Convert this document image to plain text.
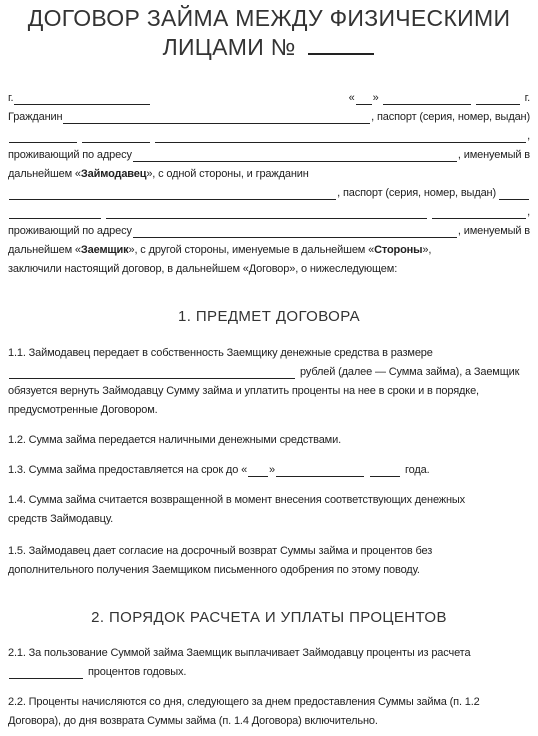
ДОГОВОР ЗАЙМА МЕЖДУ ФИЗИЧЕСКИМИ
ЛИЦАМИ №
г.	« »	г.
Гражданин	, паспорт (серия, номер, выдан)
,
проживающий по адресу	, именуемый в
дальнейшем «Займодавец», с одной стороны, и гражданин
, паспорт (серия, номер, выдан)
,
проживающий по адресу	, именуемый в
дальнейшем «Заемщик», с другой стороны, именуемые в дальнейшем «Стороны»,
заключили настоящий договор, в дальнейшем «Договор», о нижеследующем:
1. ПРЕДМЕТ ДОГОВОРА
1.1. Займодавец передает в собственность Заемщику денежные средства в размере
рублей (далее — Сумма займа), а Заемщик
обязуется вернуть Займодавцу Сумму займа и уплатить проценты на нее в сроки и в порядке,
предусмотренные Договором.
1.2. Сумма займа передается наличными денежными средствами.
1.3. Сумма займа предоставляется на срок до « »	года.
1.4. Сумма займа считается возвращенной в момент внесения соответствующих денежных
средств Займодавцу.
1.5. Займодавец дает согласие на досрочный возврат Суммы займа и процентов без
дополнительного получения Заемщиком письменного одобрения по этому поводу.
2. ПОРЯДОК РАСЧЕТА И УПЛАТЫ ПРОЦЕНТОВ
2.1. За пользование Суммой займа Заемщик выплачивает Займодавцу проценты из расчета
процентов годовых.
2.2. Проценты начисляются со дня, следующего за днем предоставления Суммы займа (п. 1.2
Договора), до дня возврата Суммы займа (п. 1.4 Договора) включительно.
